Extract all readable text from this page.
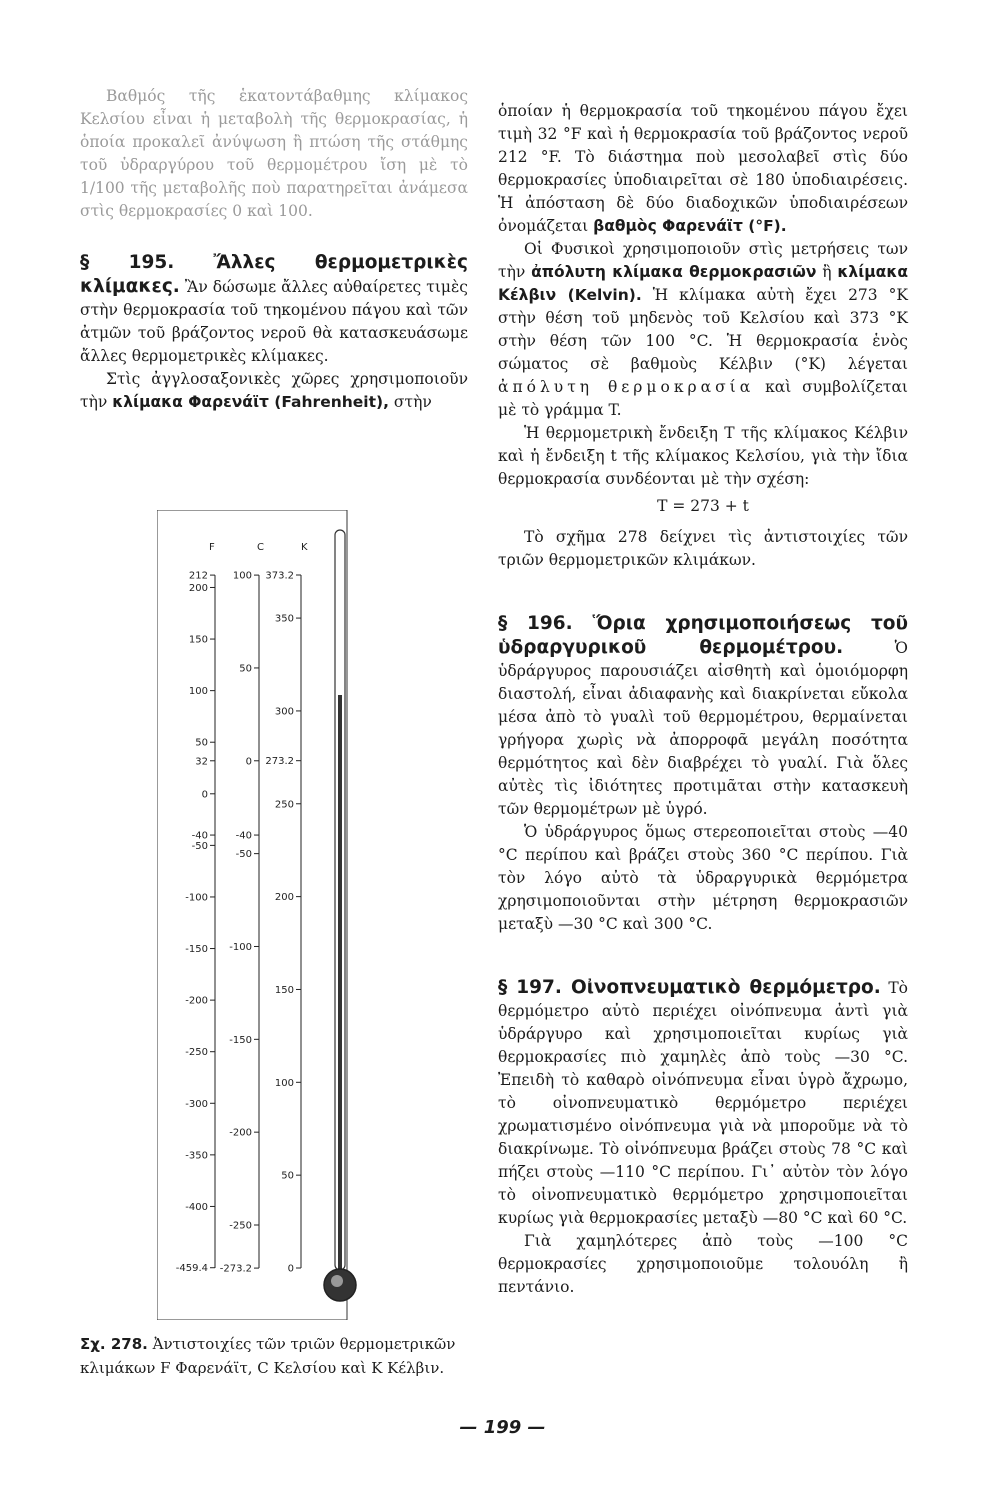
Βαθμός τῆς ἑκατοντάβαθμης κλίμακος Κελσίου εἶναι ἡ μεταβολὴ τῆς θερμοκρασίας, ἡ ὁποία προκαλεῖ ἀνύψωση ἢ πτώση τῆς στάθμης τοῦ ὑδραργύρου τοῦ θερμομέτρου ἴση μὲ τὸ 1/100 τῆς μεταβολῆς ποὺ παρατηρεῖται ἀνάμεσα στὶς θερμοκρασίες 0 καὶ 100.

§ 195. Ἄλλες θερμομετρικὲς κλίμακες. Ἂν δώσωμε ἄλλες αὐθαίρετες τιμὲς στὴν θερμοκρασία τοῦ τηκομένου πάγου καὶ τῶν ἀτμῶν τοῦ βράζοντος νεροῦ θὰ κατασκευάσωμε ἄλλες θερμομετρικὲς κλίμακες.

Στὶς ἀγγλοσαξονικὲς χῶρες χρησιμοποιοῦν τὴν κλίμακα Φαρενάϊτ (Fahrenheit), στὴν

F	C	K
212
200
150
100
50
32
0
-40
-50
-100
-150
-200
-250
-300
-350
-400
-459.4
100
50
0
-40
-50
-100
-150
-200
-250
-273.2
373.2
350
300
273.2
250
200
150
100
50
0
Σχ. 278. Ἀντιστοιχίες τῶν τριῶν θερμομετρικῶν κλιμάκων F Φαρενάϊτ, C Κελσίου καὶ K Κέλβιν.

ὁποίαν ἡ θερμοκρασία τοῦ τηκομένου πάγου ἔχει τιμὴ 32 °F καὶ ἡ θερμοκρασία τοῦ βράζοντος νεροῦ 212 °F. Τὸ διάστημα ποὺ μεσολαβεῖ στὶς δύο θερμοκρασίες ὑποδιαιρεῖται σὲ 180 ὑποδιαιρέσεις. Ἡ ἀπόσταση δὲ δύο διαδοχικῶν ὑποδιαιρέσεων ὀνομάζεται βαθμὸς Φαρενάϊτ (°F).

Οἱ Φυσικοὶ χρησιμοποιοῦν στὶς μετρήσεις των τὴν ἀπόλυτη κλίμακα θερμοκρασιῶν ἢ κλίμακα Κέλβιν (Kelvin). Ἡ κλίμακα αὐτὴ ἔχει 273 °K στὴν θέση τοῦ μηδενὸς τοῦ Κελσίου καὶ 373 °K στὴν θέση τῶν 100 °C. Ἡ θερμοκρασία ἑνὸς σώματος σὲ βαθμοὺς Κέλβιν (°K) λέγεται ἀπόλυτη θερμοκρασία καὶ συμβολίζεται μὲ τὸ γράμμα T.

Ἡ θερμομετρικὴ ἔνδειξη T τῆς κλίμακος Κέλβιν καὶ ἡ ἔνδειξη t τῆς κλίμακος Κελσίου, γιὰ τὴν ἴδια θερμοκρασία συνδέονται μὲ τὴν σχέση:

T = 273 + t

Τὸ σχῆμα 278 δείχνει τὶς ἀντιστοιχίες τῶν τριῶν θερμομετρικῶν κλιμάκων.

§ 196. Ὅρια χρησιμοποιήσεως τοῦ ὑδραργυρικοῦ θερμομέτρου.	Ὁ ὑδράργυρος παρουσιάζει αἰσθητὴ καὶ ὁμοιόμορφη διαστολή, εἶναι ἀδιαφανὴς καὶ διακρίνεται εὔκολα μέσα ἀπὸ τὸ γυαλὶ τοῦ θερμομέτρου, θερμαίνεται γρήγορα χωρὶς νὰ ἀπορροφᾶ μεγάλη ποσότητα θερμότητος καὶ δὲν διαβρέχει τὸ γυαλί. Γιὰ ὅλες αὐτὲς τὶς ἰδιότητες προτιμᾶται στὴν κατασκευὴ τῶν θερμομέτρων μὲ ὑγρό.

Ὁ ὑδράργυρος ὅμως στερεοποιεῖται στοὺς —40 °C περίπου καὶ βράζει στοὺς 360 °C περίπου. Γιὰ τὸν λόγο αὐτὸ τὰ ὑδραργυρικὰ θερμόμετρα χρησιμοποιοῦνται στὴν μέτρηση θερμοκρασιῶν μεταξὺ —30 °C καὶ 300 °C.

§ 197. Οἰνοπνευματικὸ θερμόμετρο. Τὸ θερμόμετρο αὐτὸ περιέχει οἰνόπνευμα ἀντὶ γιὰ ὑδράργυρο καὶ χρησιμοποιεῖται κυρίως γιὰ θερμοκρασίες πιὸ χαμηλὲς ἀπὸ τοὺς —30 °C. Ἐπειδὴ τὸ καθαρὸ οἰνόπνευμα εἶναι ὑγρὸ ἄχρωμο, τὸ οἰνοπνευματικὸ θερμόμετρο περιέχει χρωματισμένο οἰνόπνευμα γιὰ νὰ μποροῦμε νὰ τὸ διακρίνωμε. Τὸ οἰνόπνευμα βράζει στοὺς 78 °C καὶ πήζει στοὺς —110 °C περίπου. Γι᾿ αὐτὸν τὸν λόγο τὸ οἰνοπνευματικὸ θερμόμετρο χρησιμοποιεῖται κυρίως γιὰ θερμοκρασίες μεταξὺ —80 °C καὶ 60 °C.

Γιὰ χαμηλότερες ἀπὸ τοὺς —100 °C θερμοκρασίες χρησιμοποιοῦμε τολουόλη ἢ πεντάνιο.

— 199 —
